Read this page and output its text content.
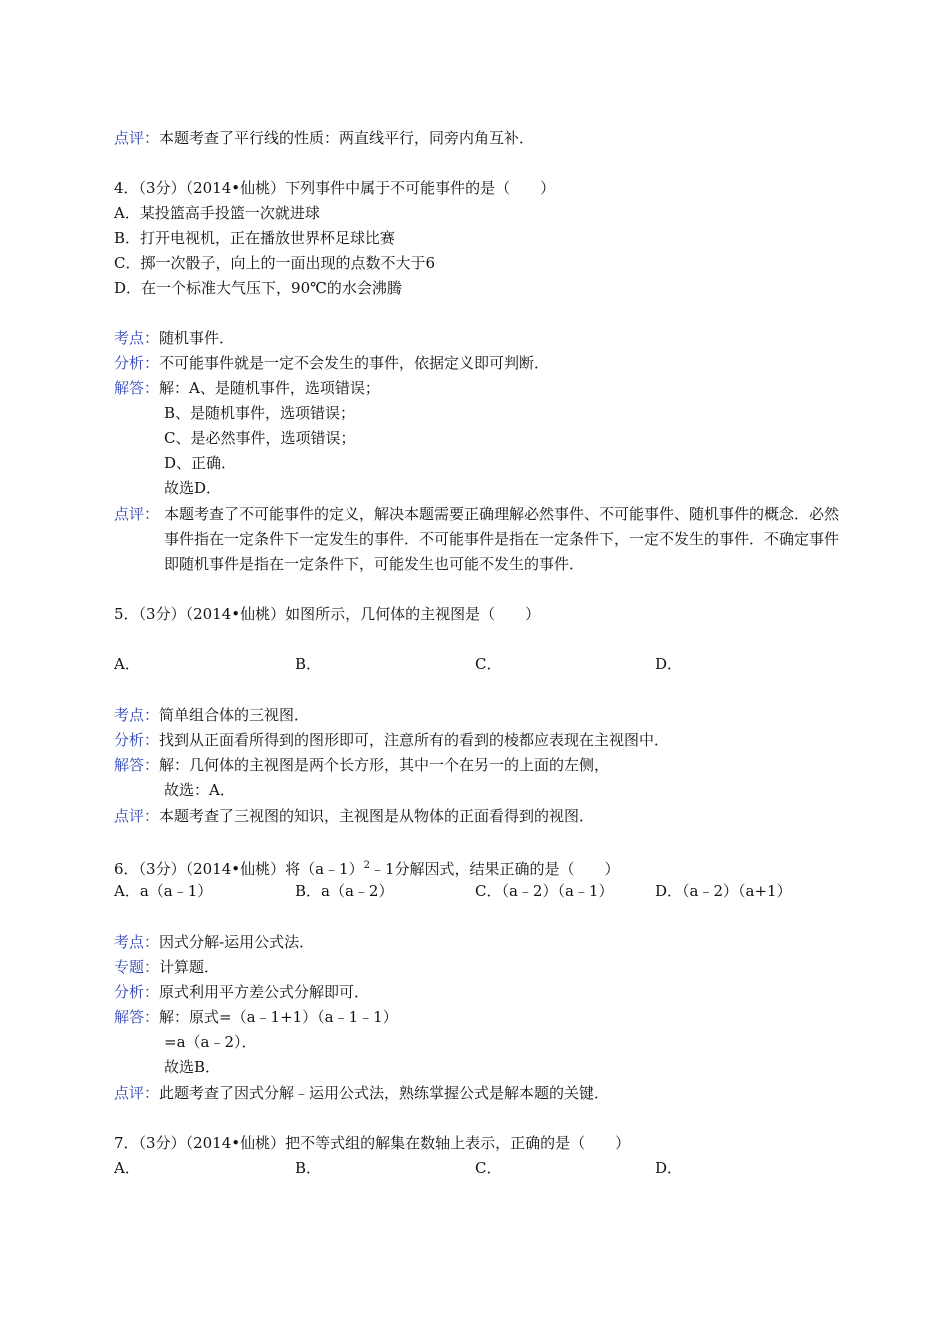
点评：本题考查了平行线的性质：两直线平行，同旁内角互补．
4．（3分）（2014•仙桃）下列事件中属于不可能事件的是（　　）
A．某投篮高手投篮一次就进球
B．打开电视机，正在播放世界杯足球比赛
C．掷一次骰子，向上的一面出现的点数不大于6
D．在一个标准大气压下，90℃的水会沸腾
考点：随机事件．
分析：不可能事件就是一定不会发生的事件，依据定义即可判断．
解答：解：A、是随机事件，选项错误；
B、是随机事件，选项错误；
C、是必然事件，选项错误；
D、正确．
故选D．
点评： 本题考查了不可能事件的定义，解决本题需要正确理解必然事件、不可能事件、随机事件的概念．必然事件指在一定条件下一定发生的事件．不可能事件是指在一定条件下，一定不发生的事件．不确定事件即随机事件是指在一定条件下，可能发生也可能不发生的事件．
5．（3分）（2014•仙桃）如图所示，几何体的主视图是（　　）
A．	B．	C．	D．
考点：简单组合体的三视图．
分析：找到从正面看所得到的图形即可，注意所有的看到的棱都应表现在主视图中．
解答：解：几何体的主视图是两个长方形，其中一个在另一的上面的左侧，
故选：A．
点评：本题考查了三视图的知识，主视图是从物体的正面看得到的视图．
6．（3分）（2014•仙桃）将（a﹣1）$^2$﹣1分解因式，结果正确的是（　　）
A．a（a﹣1）	B．a（a﹣2）	C．（a﹣2）（a﹣1）	D．（a﹣2）（a+1）
考点：因式分解-运用公式法．
专题：计算题．
分析：原式利用平方差公式分解即可．
解答：解：原式=（a﹣1+1）（a﹣1﹣1）
=a（a﹣2）．
故选B．
点评：此题考查了因式分解﹣运用公式法，熟练掌握公式是解本题的关键．
7．（3分）（2014•仙桃）把不等式组的解集在数轴上表示，正确的是（　　）
A．	B．	C．	D．
